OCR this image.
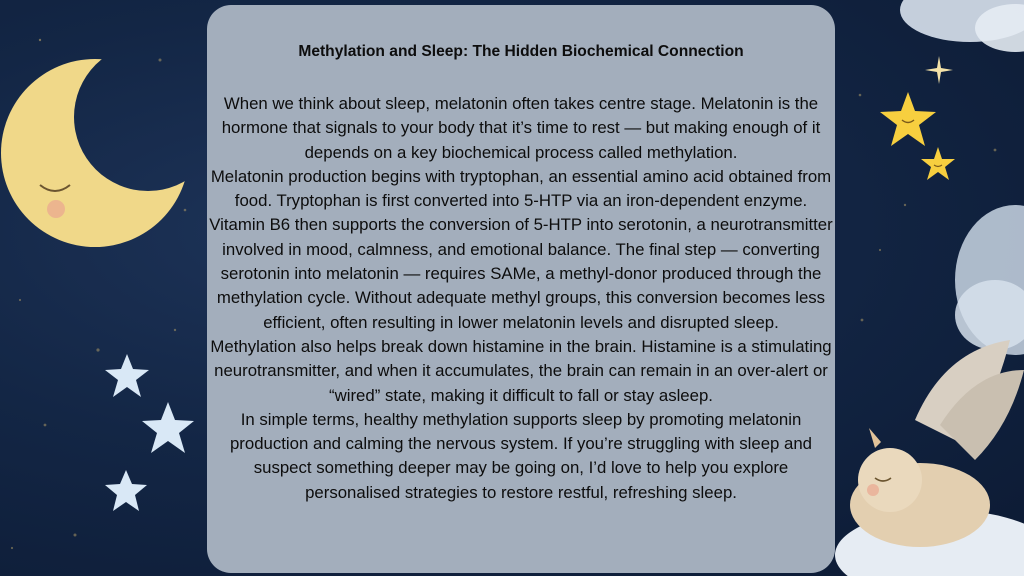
Methylation and Sleep: The Hidden Biochemical Connection

When we think about sleep, melatonin often takes centre stage. Melatonin is the hormone that signals to your body that it’s time to rest — but making enough of it depends on a key biochemical process called methylation.

Melatonin production begins with tryptophan, an essential amino acid obtained from food. Tryptophan is first converted into 5-HTP via an iron-dependent enzyme. Vitamin B6 then supports the conversion of 5-HTP into serotonin, a neurotransmitter involved in mood, calmness, and emotional balance. The final step — converting serotonin into melatonin — requires SAMe, a methyl-donor produced through the methylation cycle. Without adequate methyl groups, this conversion becomes less efficient, often resulting in lower melatonin levels and disrupted sleep.

Methylation also helps break down histamine in the brain. Histamine is a stimulating neurotransmitter, and when it accumulates, the brain can remain in an over-alert or “wired” state, making it difficult to fall or stay asleep.

In simple terms, healthy methylation supports sleep by promoting melatonin production and calming the nervous system. If you’re struggling with sleep and suspect something deeper may be going on, I’d love to help you explore personalised strategies to restore restful, refreshing sleep.
